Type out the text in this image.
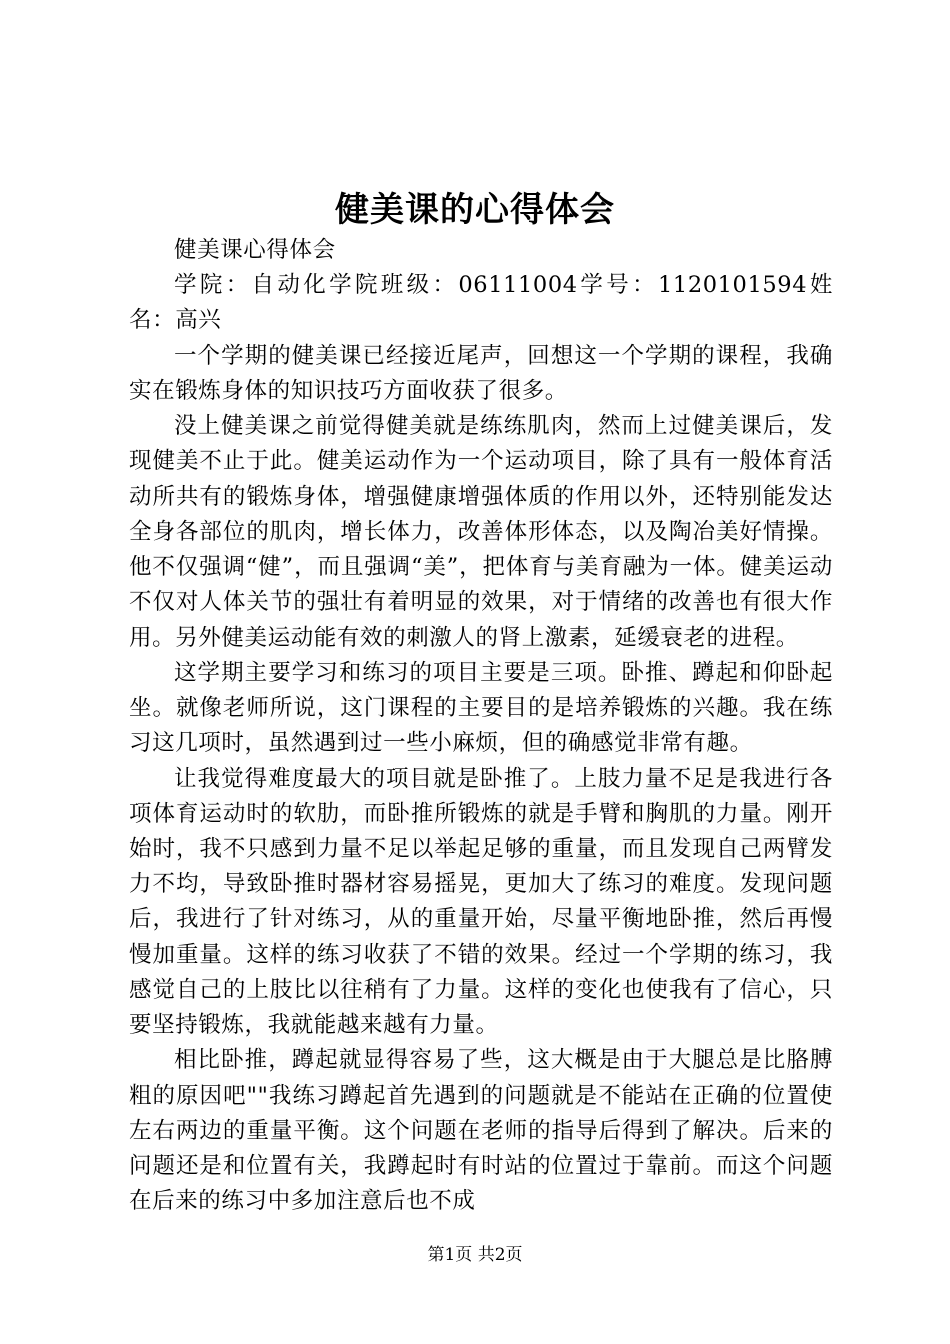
健美课的心得体会

健美课心得体会

学院：自动化学院班级：06111004学号：1120101594姓名：高兴

一个学期的健美课已经接近尾声，回想这一个学期的课程，我确实在锻炼身体的知识技巧方面收获了很多。

没上健美课之前觉得健美就是练练肌肉，然而上过健美课后，发现健美不止于此。健美运动作为一个运动项目，除了具有一般体育活动所共有的锻炼身体，增强健康增强体质的作用以外，还特别能发达全身各部位的肌肉，增长体力，改善体形体态，以及陶冶美好情操。他不仅强调“健”，而且强调“美”，把体育与美育融为一体。健美运动不仅对人体关节的强壮有着明显的效果，对于情绪的改善也有很大作用。另外健美运动能有效的刺激人的肾上激素，延缓衰老的进程。

这学期主要学习和练习的项目主要是三项。卧推、蹲起和仰卧起坐。就像老师所说，这门课程的主要目的是培养锻炼的兴趣。我在练习这几项时，虽然遇到过一些小麻烦，但的确感觉非常有趣。

让我觉得难度最大的项目就是卧推了。上肢力量不足是我进行各项体育运动时的软肋，而卧推所锻炼的就是手臂和胸肌的力量。刚开始时，我不只感到力量不足以举起足够的重量，而且发现自己两臂发力不均，导致卧推时器材容易摇晃，更加大了练习的难度。发现问题后，我进行了针对练习，从的重量开始，尽量平衡地卧推，然后再慢慢加重量。这样的练习收获了不错的效果。经过一个学期的练习，我感觉自己的上肢比以往稍有了力量。这样的变化也使我有了信心，只要坚持锻炼，我就能越来越有力量。

相比卧推，蹲起就显得容易了些，这大概是由于大腿总是比胳膊粗的原因吧""我练习蹲起首先遇到的问题就是不能站在正确的位置使左右两边的重量平衡。这个问题在老师的指导后得到了解决。后来的问题还是和位置有关，我蹲起时有时站的位置过于靠前。而这个问题在后来的练习中多加注意后也不成

第1页 共2页
